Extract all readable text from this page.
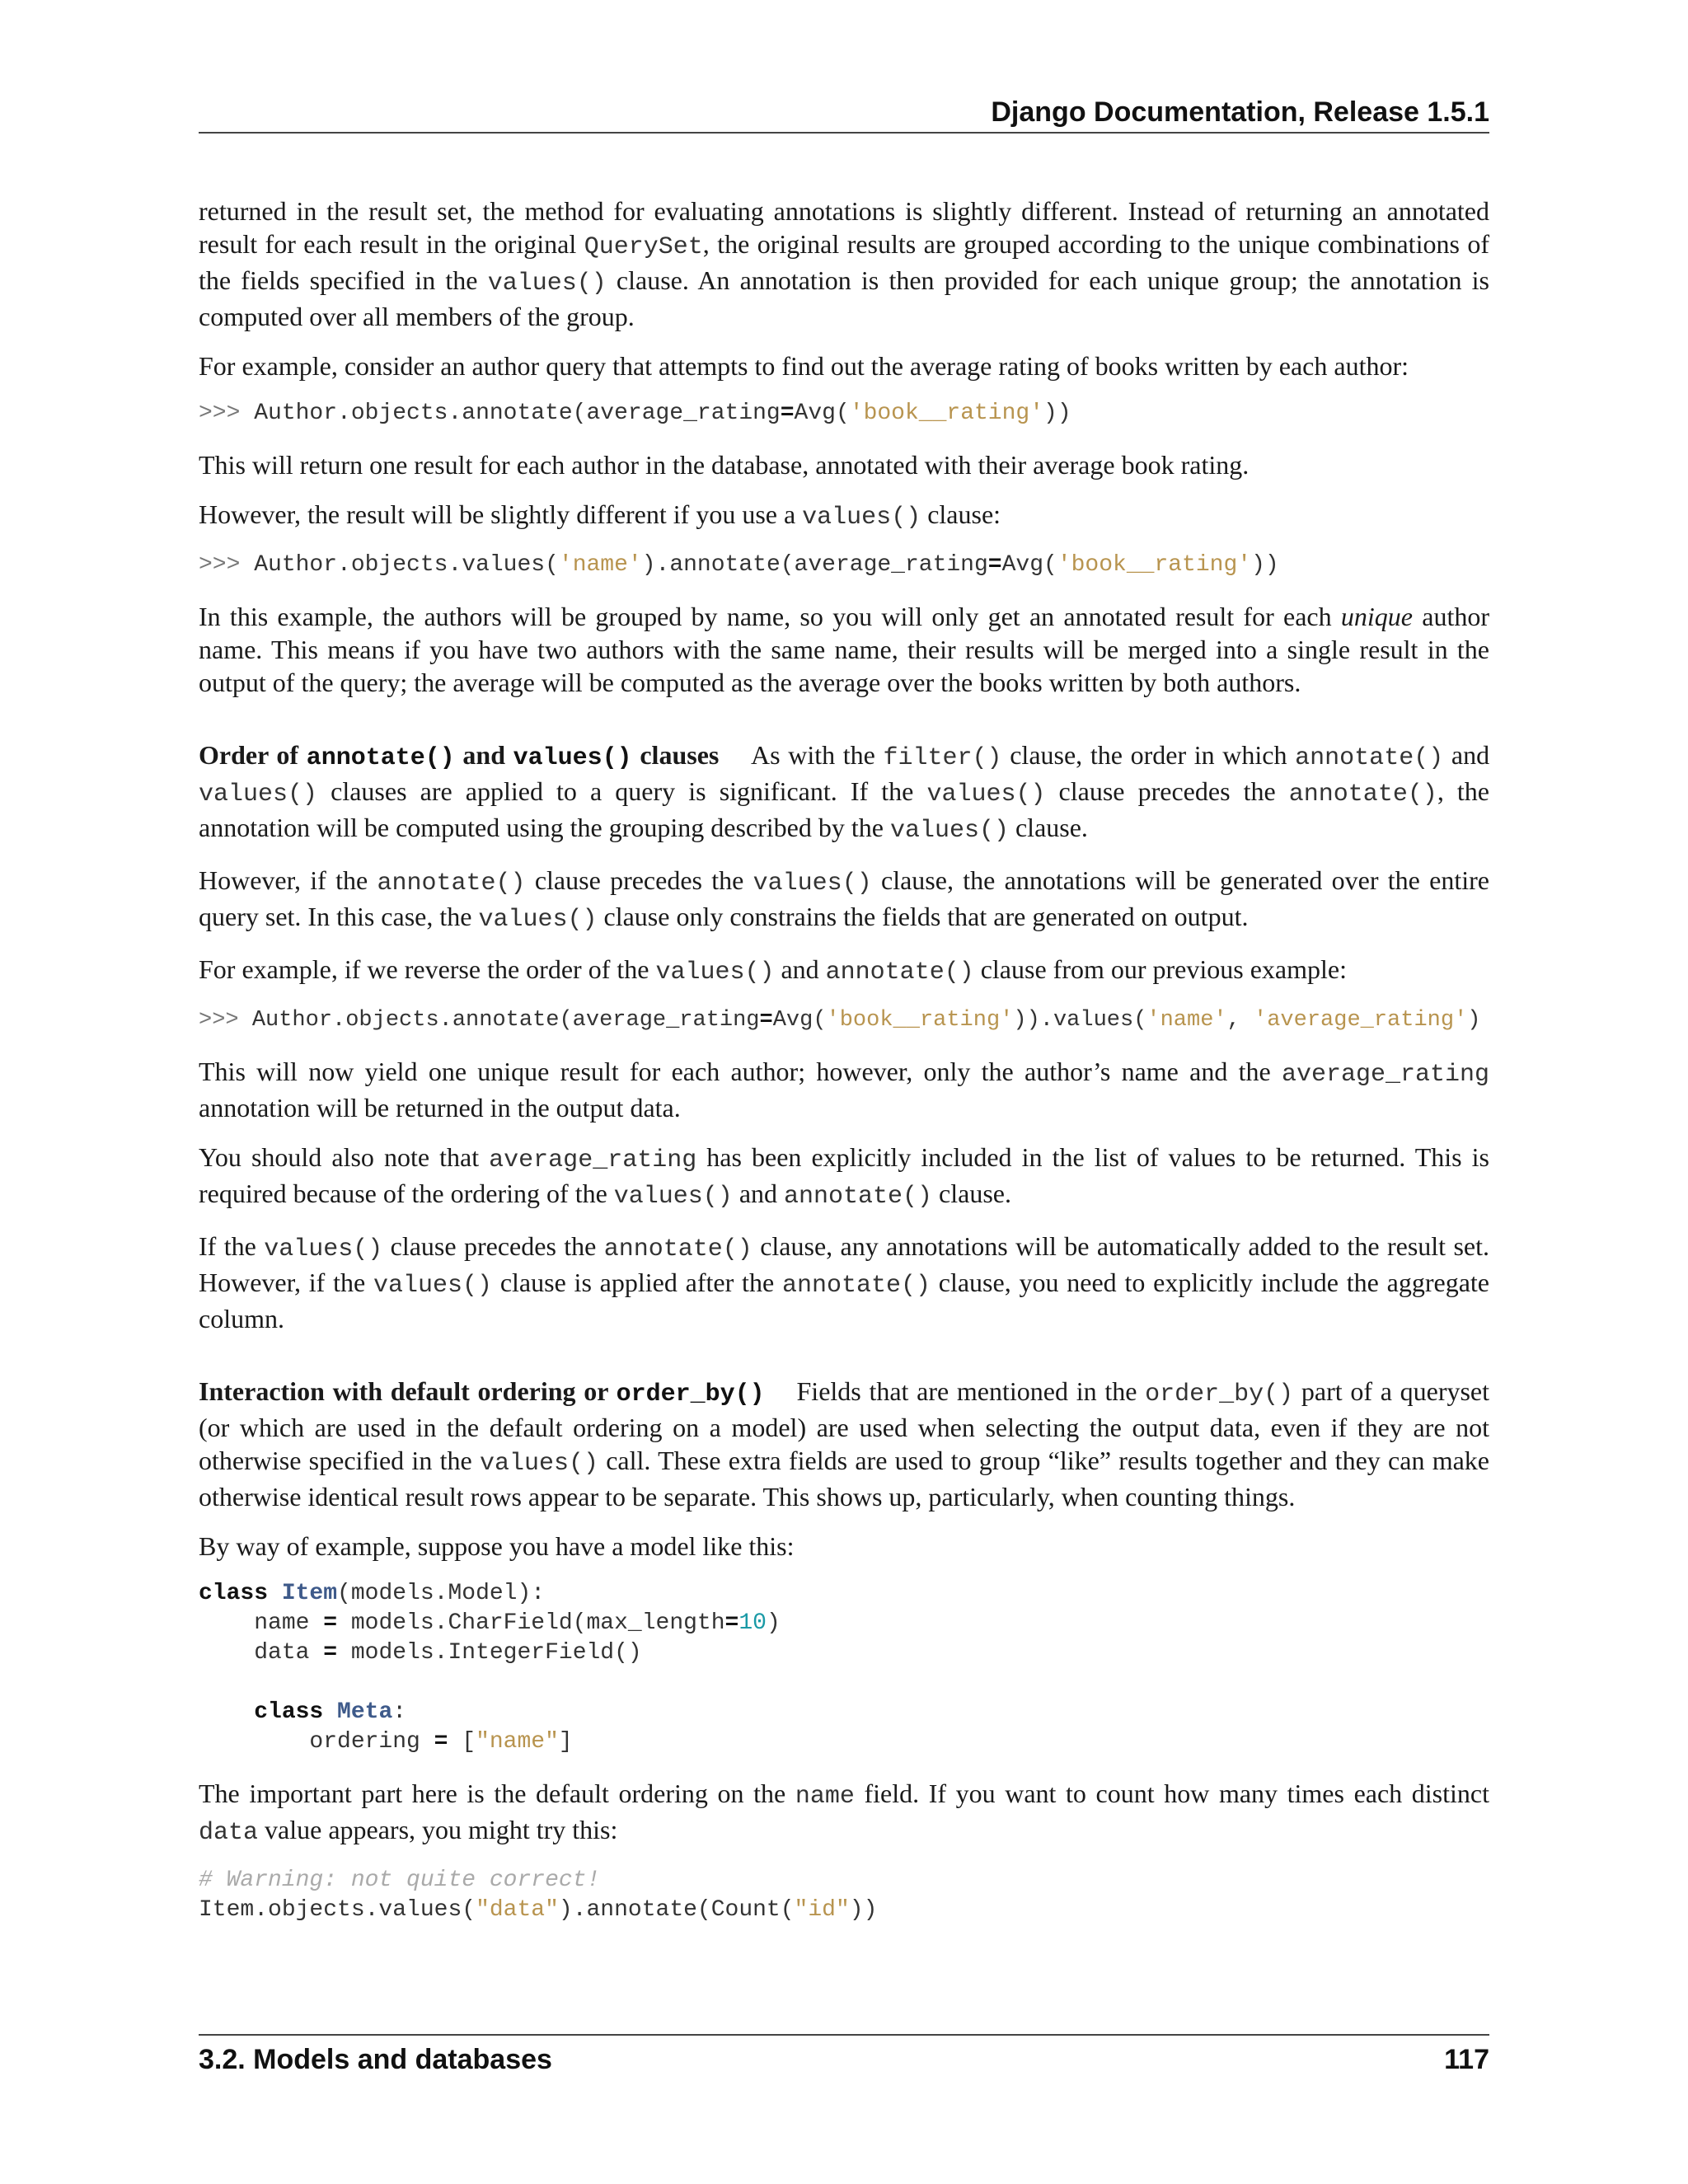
Django Documentation, Release 1.5.1

returned in the result set, the method for evaluating annotations is slightly different. Instead of returning an annotated result for each result in the original QuerySet, the original results are grouped according to the unique combinations of the fields specified in the values() clause. An annotation is then provided for each unique group; the annotation is computed over all members of the group.

For example, consider an author query that attempts to find out the average rating of books written by each author:

>>> Author.objects.annotate(average_rating=Avg('book__rating'))

This will return one result for each author in the database, annotated with their average book rating.

However, the result will be slightly different if you use a values() clause:

>>> Author.objects.values('name').annotate(average_rating=Avg('book__rating'))

In this example, the authors will be grouped by name, so you will only get an annotated result for each unique author name. This means if you have two authors with the same name, their results will be merged into a single result in the output of the query; the average will be computed as the average over the books written by both authors.

Order of annotate() and values() clauses As with the filter() clause, the order in which annotate() and values() clauses are applied to a query is significant. If the values() clause precedes the annotate(), the annotation will be computed using the grouping described by the values() clause.

However, if the annotate() clause precedes the values() clause, the annotations will be generated over the entire query set. In this case, the values() clause only constrains the fields that are generated on output.

For example, if we reverse the order of the values() and annotate() clause from our previous example:

>>> Author.objects.annotate(average_rating=Avg('book__rating')).values('name', 'average_rating')

This will now yield one unique result for each author; however, only the author’s name and the average_rating annotation will be returned in the output data.

You should also note that average_rating has been explicitly included in the list of values to be returned. This is required because of the ordering of the values() and annotate() clause.

If the values() clause precedes the annotate() clause, any annotations will be automatically added to the result set. However, if the values() clause is applied after the annotate() clause, you need to explicitly include the aggregate column.

Interaction with default ordering or order_by() Fields that are mentioned in the order_by() part of a queryset (or which are used in the default ordering on a model) are used when selecting the output data, even if they are not otherwise specified in the values() call. These extra fields are used to group “like” results together and they can make otherwise identical result rows appear to be separate. This shows up, particularly, when counting things.

By way of example, suppose you have a model like this:

class Item(models.Model):
name = models.CharField(max_length=10)
data = models.IntegerField()

class Meta:
ordering = ["name"]

The important part here is the default ordering on the name field. If you want to count how many times each distinct data value appears, you might try this:

# Warning: not quite correct!
Item.objects.values("data").annotate(Count("id"))
3.2. Models and databases	117
